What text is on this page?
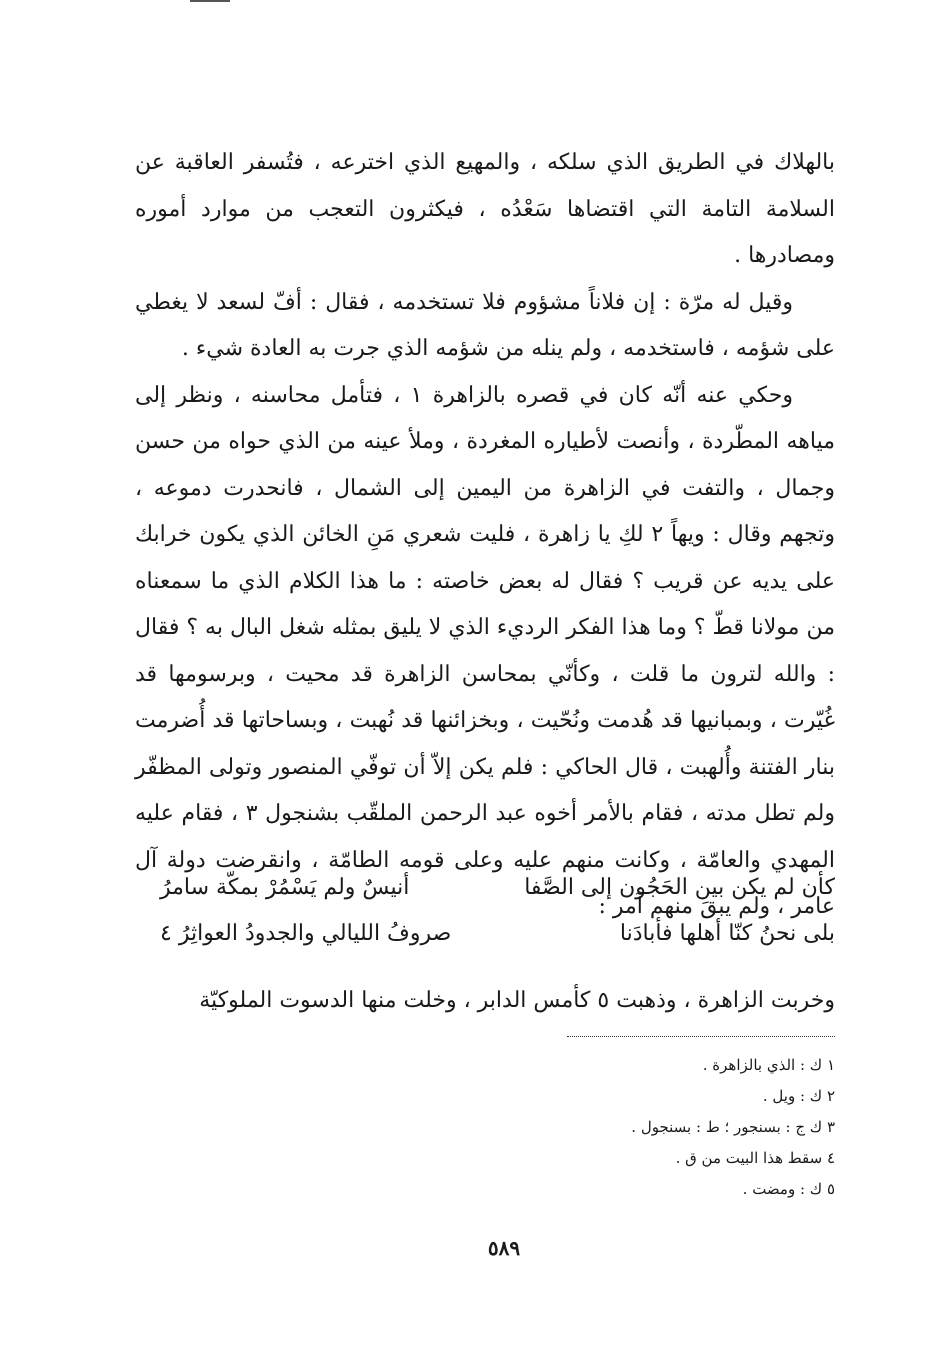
بالهلاك في الطريق الذي سلكه ، والمهيع الذي اخترعه ، فتُسفر العاقبة عن السلامة التامة التي اقتضاها سَعْدُه ، فيكثرون التعجب من موارد أموره ومصادرها .

وقيل له مرّة : إن فلاناً مشؤوم فلا تستخدمه ، فقال : أفّ لسعد لا يغطي على شؤمه ، فاستخدمه ، ولم ينله من شؤمه الذي جرت به العادة شيء .

وحكي عنه أنّه كان في قصره بالزاهرة ١ ، فتأمل محاسنه ، ونظر إلى مياهه المطّردة ، وأنصت لأطياره المغردة ، وملأ عينه من الذي حواه من حسن وجمال ، والتفت في الزاهرة من اليمين إلى الشمال ، فانحدرت دموعه ، وتجهم وقال : ويهاً ٢ لكِ يا زاهرة ، فليت شعري مَنِ الخائن الذي يكون خرابك على يديه عن قريب ؟ فقال له بعض خاصته : ما هذا الكلام الذي ما سمعناه من مولانا قطّ ؟ وما هذا الفكر الرديء الذي لا يليق بمثله شغل البال به ؟ فقال : والله لترون ما قلت ، وكأنّي بمحاسن الزاهرة قد محيت ، وبرسومها قد غُيّرت ، وبمبانيها قد هُدمت ونُحّيت ، وبخزائنها قد نُهبت ، وبساحاتها قد أُضرمت بنار الفتنة وأُلهبت ، قال الحاكي : فلم يكن إلاّ أن توفّي المنصور وتولى المظفّر ولم تطل مدته ، فقام بالأمر أخوه عبد الرحمن الملقّب بشنجول ٣ ، فقام عليه المهدي والعامّة ، وكانت منهم عليه وعلى قومه الطامّة ، وانقرضت دولة آل عامر ، ولم يبقَ منهم آمر :

كأن لم يكن بين الحَجُون إلى الصَّفا
أنيسٌ ولم يَسْمُرْ بمكّة سامرُ
بلى نحنُ كنّا أهلها فأبادَنا
صروفُ الليالي والجدودُ العواثِرُ ٤
وخربت الزاهرة ، وذهبت ٥ كأمس الدابر ، وخلت منها الدسوت الملوكيّة

١ ك : الذي بالزاهرة .

٢ ك : ويل .

٣ ك ج : بسنجور ؛ ط : بسنجول .

٤ سقط هذا البيت من ق .

٥ ك : ومضت .

٥٨٩
